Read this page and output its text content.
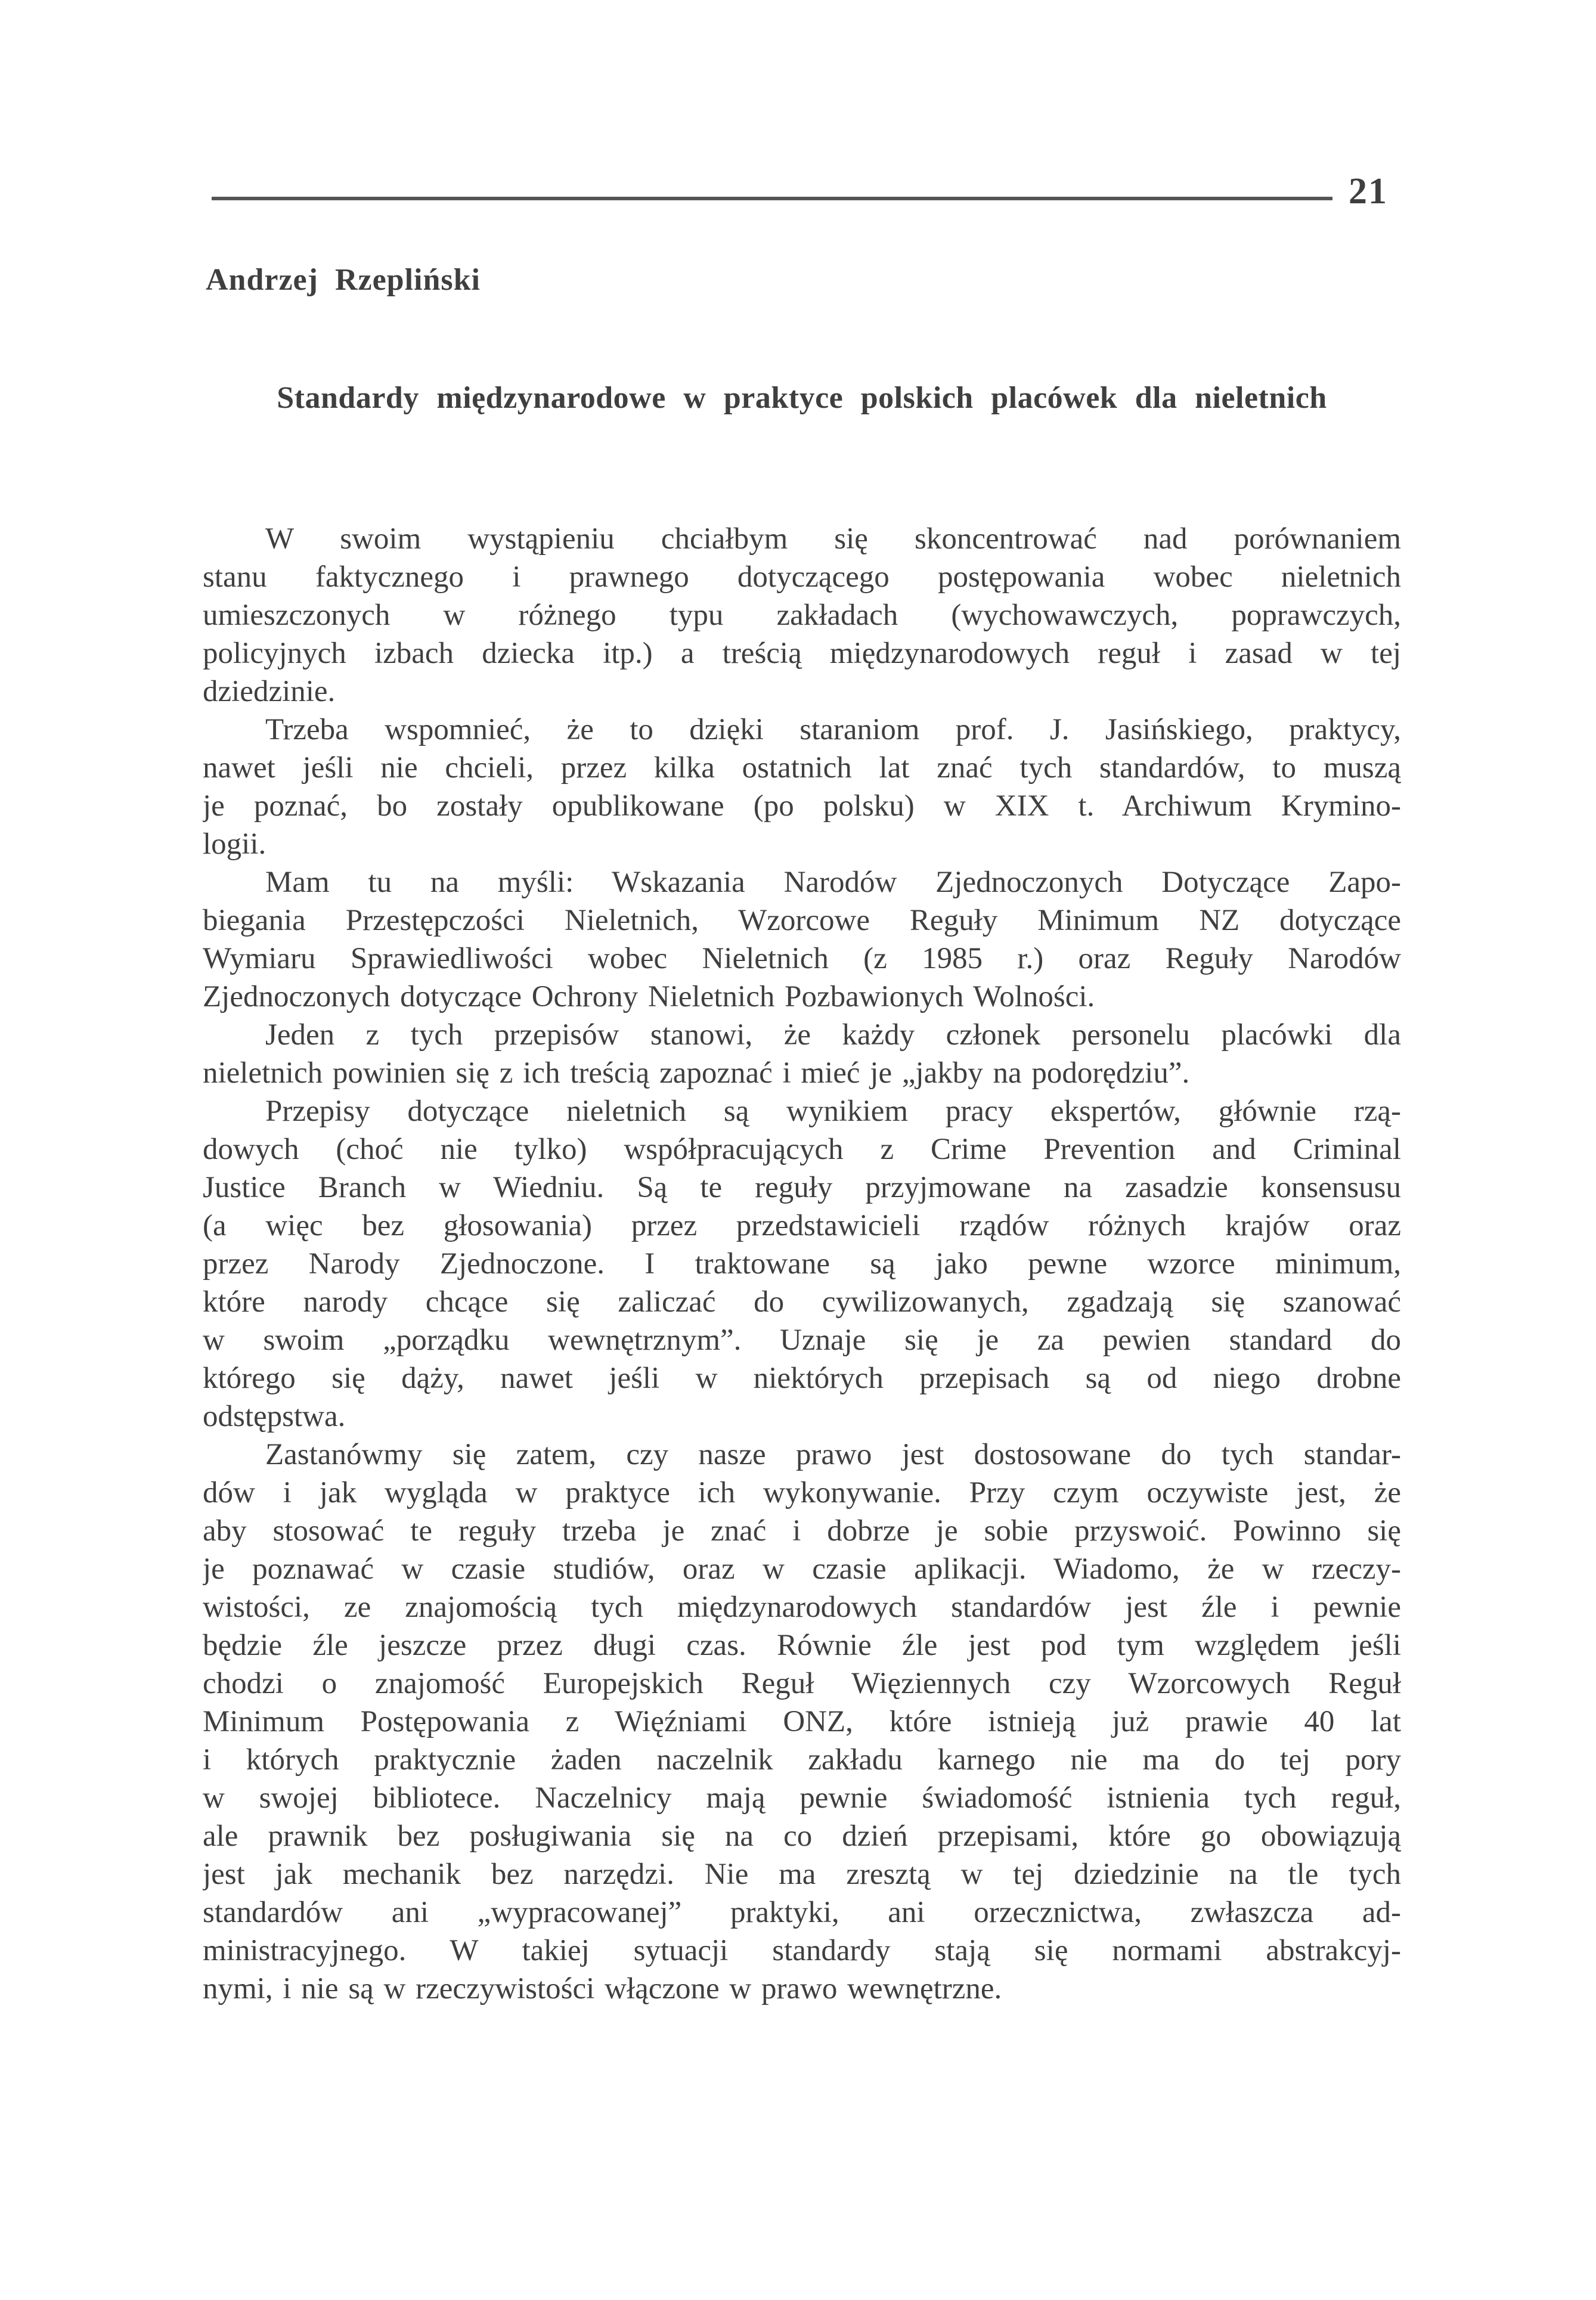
21
Andrzej Rzepliński
Standardy międzynarodowe w praktyce polskich placówek dla nieletnich
W swoim wystąpieniu chciałbym się skoncentrować nad porównaniem
stanu faktycznego i prawnego dotyczącego postępowania wobec nieletnich
umieszczonych w różnego typu zakładach (wychowawczych, poprawczych,
policyjnych izbach dziecka itp.) a treścią międzynarodowych reguł i zasad w tej
dziedzinie.
Trzeba wspomnieć, że to dzięki staraniom prof. J. Jasińskiego, praktycy,
nawet jeśli nie chcieli, przez kilka ostatnich lat znać tych standardów, to muszą
je poznać, bo zostały opublikowane (po polsku) w XIX t. Archiwum Krymino-
logii.
Mam tu na myśli: Wskazania Narodów Zjednoczonych Dotyczące Zapo-
biegania Przestępczości Nieletnich, Wzorcowe Reguły Minimum NZ dotyczące
Wymiaru Sprawiedliwości wobec Nieletnich (z 1985 r.) oraz Reguły Narodów
Zjednoczonych dotyczące Ochrony Nieletnich Pozbawionych Wolności.
Jeden z tych przepisów stanowi, że każdy członek personelu placówki dla
nieletnich powinien się z ich treścią zapoznać i mieć je „jakby na podorędziu”.
Przepisy dotyczące nieletnich są wynikiem pracy ekspertów, głównie rzą-
dowych (choć nie tylko) współpracujących z Crime Prevention and Criminal
Justice Branch w Wiedniu. Są te reguły przyjmowane na zasadzie konsensusu
(a więc bez głosowania) przez przedstawicieli rządów różnych krajów oraz
przez Narody Zjednoczone. I traktowane są jako pewne wzorce minimum,
które narody chcące się zaliczać do cywilizowanych, zgadzają się szanować
w swoim „porządku wewnętrznym”. Uznaje się je za pewien standard do
którego się dąży, nawet jeśli w niektórych przepisach są od niego drobne
odstępstwa.
Zastanówmy się zatem, czy nasze prawo jest dostosowane do tych standar-
dów i jak wygląda w praktyce ich wykonywanie. Przy czym oczywiste jest, że
aby stosować te reguły trzeba je znać i dobrze je sobie przyswoić. Powinno się
je poznawać w czasie studiów, oraz w czasie aplikacji. Wiadomo, że w rzeczy-
wistości, ze znajomością tych międzynarodowych standardów jest źle i pewnie
będzie źle jeszcze przez długi czas. Równie źle jest pod tym względem jeśli
chodzi o znajomość Europejskich Reguł Więziennych czy Wzorcowych Reguł
Minimum Postępowania z Więźniami ONZ, które istnieją już prawie 40 lat
i których praktycznie żaden naczelnik zakładu karnego nie ma do tej pory
w swojej bibliotece. Naczelnicy mają pewnie świadomość istnienia tych reguł,
ale prawnik bez posługiwania się na co dzień przepisami, które go obowiązują
jest jak mechanik bez narzędzi. Nie ma zresztą w tej dziedzinie na tle tych
standardów ani „wypracowanej” praktyki, ani orzecznictwa, zwłaszcza ad-
ministracyjnego. W takiej sytuacji standardy stają się normami abstrakcyj-
nymi, i nie są w rzeczywistości włączone w prawo wewnętrzne.
